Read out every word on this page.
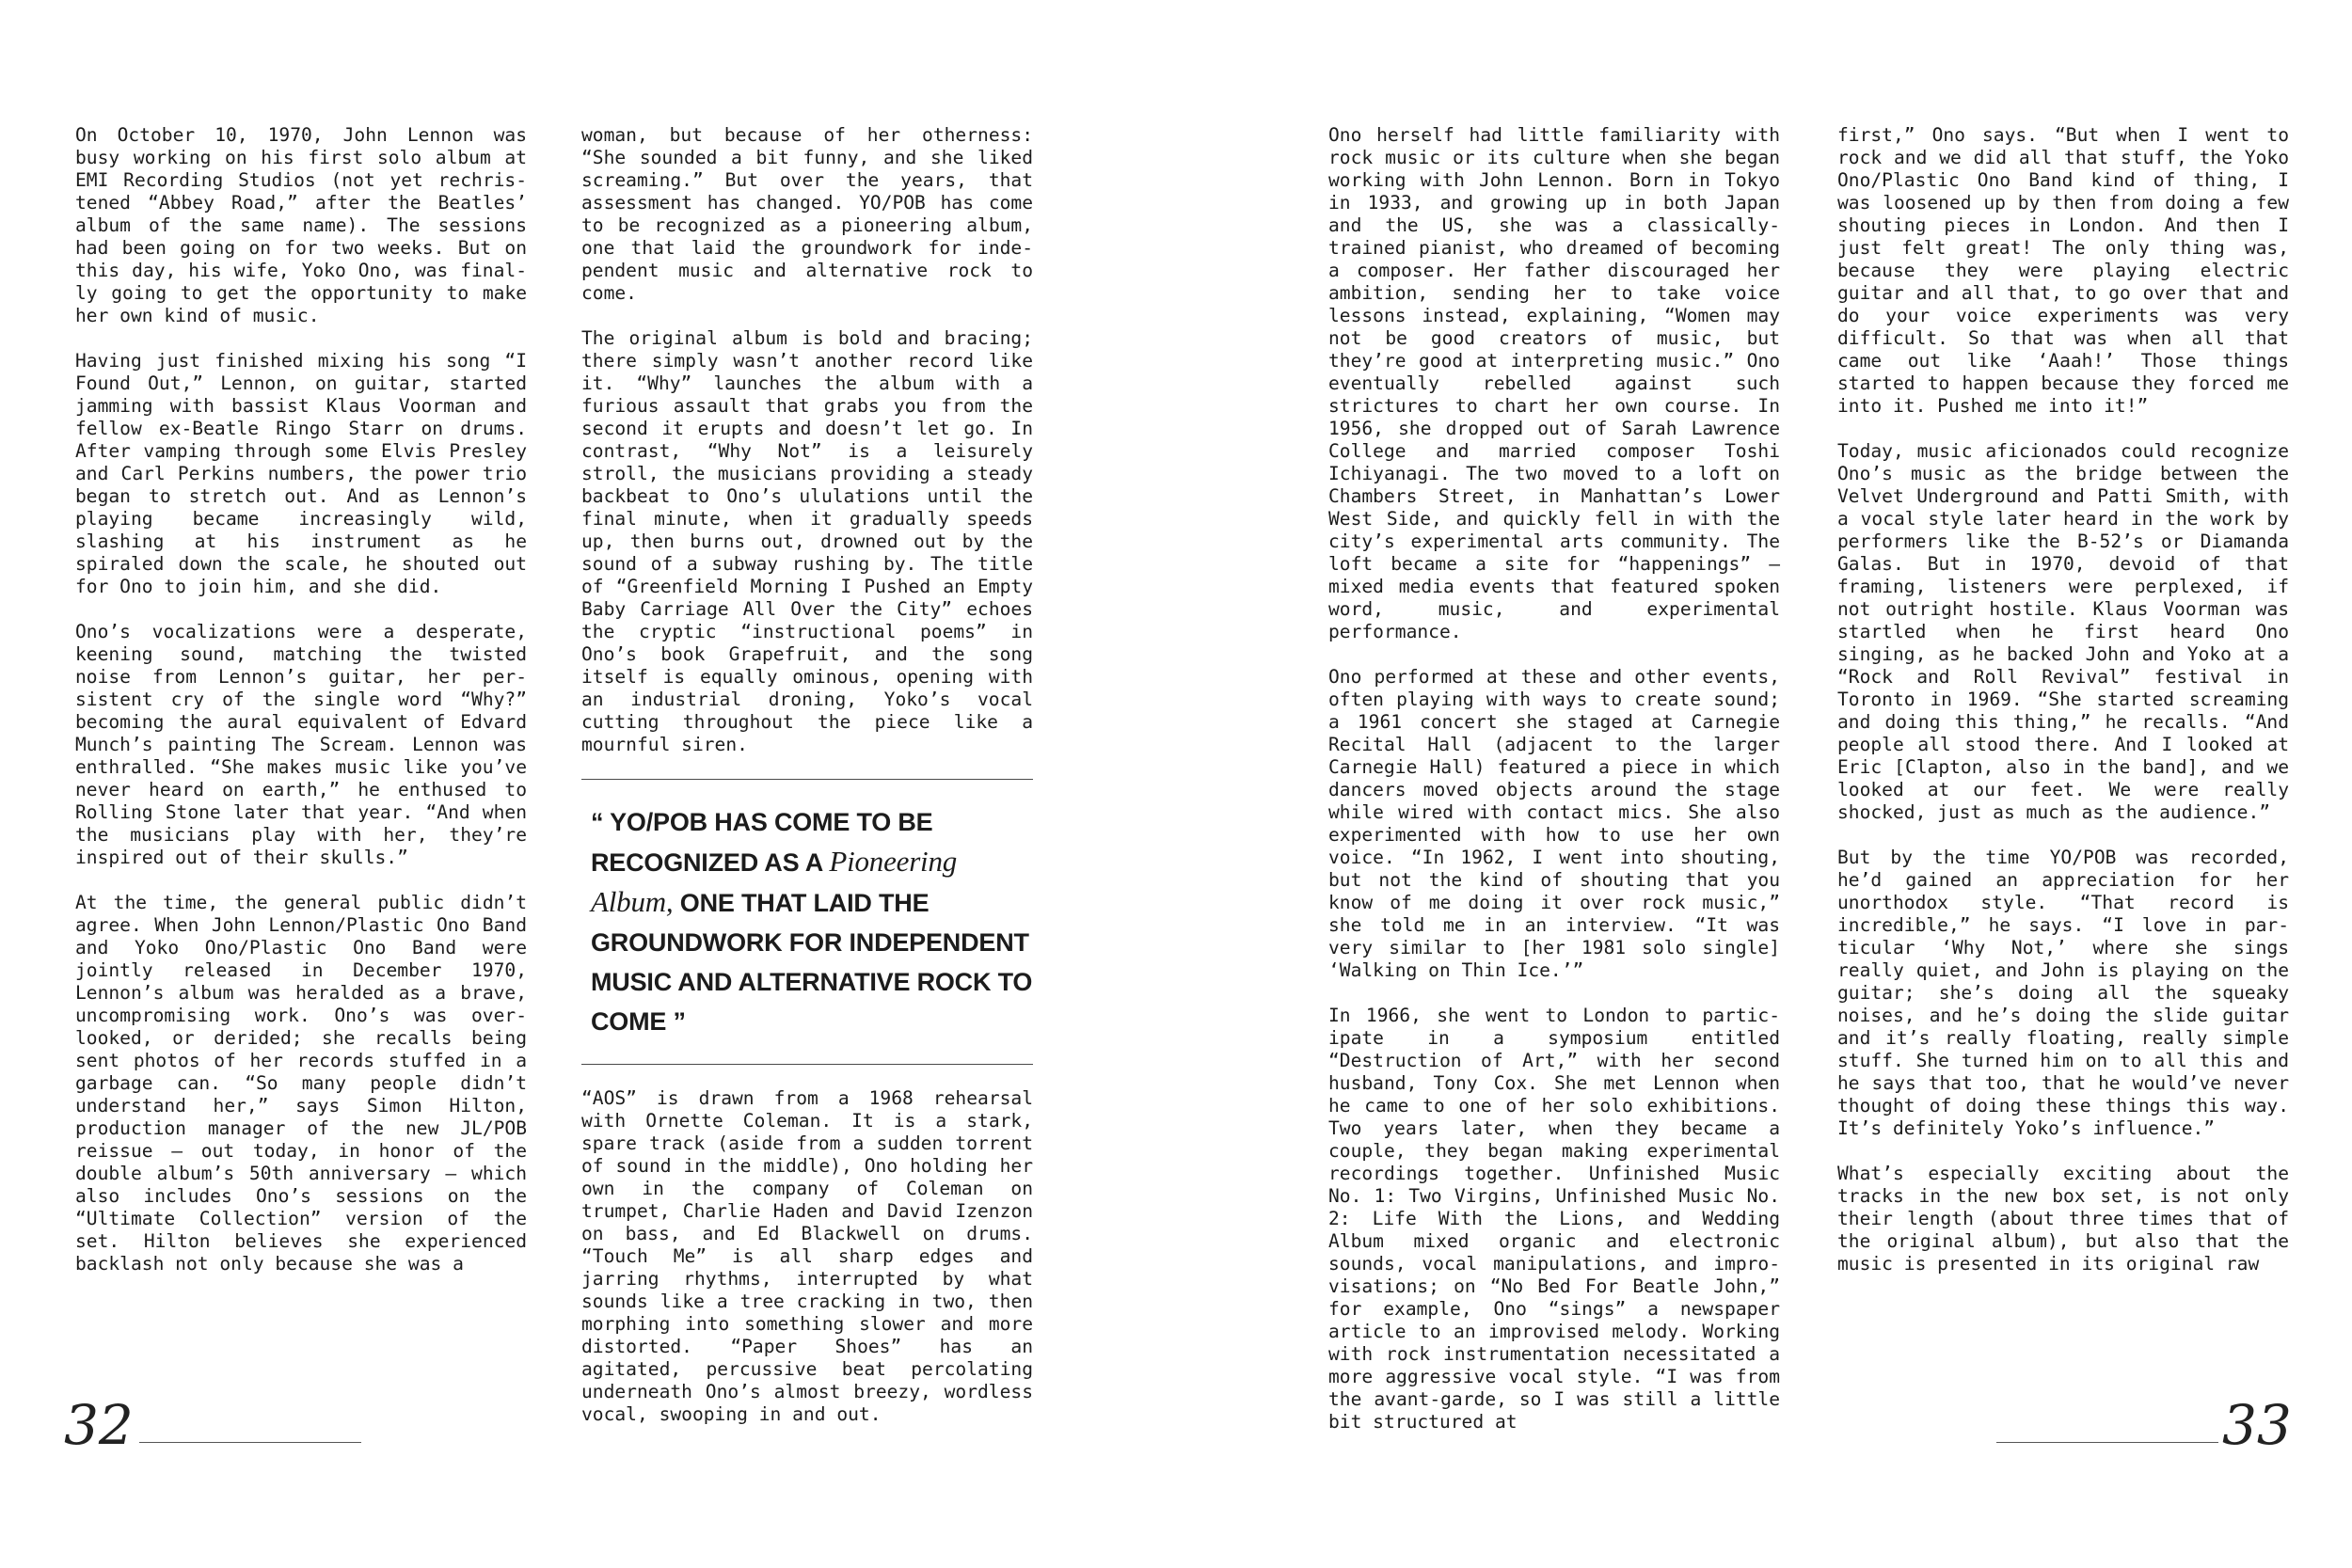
On October 10, 1970, John Lennon was busy working on his first solo album at EMI Recording Studios (not yet rechristened “Abbey Road,” after the Beatles’ album of the same name). The sessions had been going on for two weeks. But on this day, his wife, Yoko Ono, was finally going to get the opportunity to make her own kind of music.

Having just finished mixing his song “I Found Out,” Lennon, on guitar, started jamming with bassist Klaus Voorman and fellow ex-Beatle Ringo Starr on drums. After vamping through some Elvis Presley and Carl Perkins numbers, the power trio began to stretch out. And as Lennon’s playing became increasingly wild, slashing at his instrument as he spiraled down the scale, he shouted out for Ono to join him, and she did.

Ono’s vocalizations were a desperate, keening sound, matching the twisted noise from Lennon’s guitar, her persistent cry of the single word “Why?” becoming the aural equivalent of Edvard Munch’s painting The Scream. Lennon was enthralled. “She makes music like you’ve never heard on earth,” he enthused to Rolling Stone later that year. “And when the musicians play with her, they’re inspired out of their skulls.”

At the time, the general public didn’t agree. When John Lennon/Plastic Ono Band and Yoko Ono/Plastic Ono Band were jointly released in December 1970, Lennon’s album was heralded as a brave, uncompromising work. Ono’s was overlooked, or derided; she recalls being sent photos of her records stuffed in a garbage can. “So many people didn’t understand her,” says Simon Hilton, production manager of the new JL/POB reissue – out today, in honor of the double album’s 50th anniversary – which also includes Ono’s sessions on the “Ultimate Collection” version of the set. Hilton believes she experienced backlash not only because she was a

woman, but because of her otherness: “She sounded a bit funny, and she liked screaming.” But over the years, that assessment has changed. YO/POB has come to be recognized as a pioneering album, one that laid the groundwork for independent music and alternative rock to come.

The original album is bold and bracing; there simply wasn’t another record like it. “Why” launches the album with a furious assault that grabs you from the second it erupts and doesn’t let go. In contrast, “Why Not” is a leisurely stroll, the musicians providing a steady backbeat to Ono’s ululations until the final minute, when it gradually speeds up, then burns out, drowned out by the sound of a subway rushing by. The title of “Greenfield Morning I Pushed an Empty Baby Carriage All Over the City” echoes the cryptic “instructional poems” in Ono’s book Grapefruit, and the song itself is equally ominous, opening with an industrial droning, Yoko’s vocal cutting throughout the piece like a mournful siren.

“ YO/POB HAS COME TO BE RECOGNIZED AS A Pioneering Album, ONE THAT LAID THE GROUNDWORK FOR INDEPENDENT MUSIC AND ALTERNATIVE ROCK TO COME ”

“AOS” is drawn from a 1968 rehearsal with Ornette Coleman. It is a stark, spare track (aside from a sudden torrent of sound in the middle), Ono holding her own in the company of Coleman on trumpet, Charlie Haden and David Izenzon on bass, and Ed Blackwell on drums. “Touch Me” is all sharp edges and jarring rhythms, interrupted by what sounds like a tree cracking in two, then morphing into something slower and more distorted. “Paper Shoes” has an agitated, percussive beat percolating underneath Ono’s almost breezy, wordless vocal, swooping in and out.

32

Ono herself had little familiarity with rock music or its culture when she began working with John Lennon. Born in Tokyo in 1933, and growing up in both Japan and the US, she was a classically-trained pianist, who dreamed of becoming a composer. Her father discouraged her ambition, sending her to take voice lessons instead, explaining, “Women may not be good creators of music, but they’re good at interpreting music.” Ono eventually rebelled against such strictures to chart her own course. In 1956, she dropped out of Sarah Lawrence College and married composer Toshi Ichiyanagi. The two moved to a loft on Chambers Street, in Manhattan’s Lower West Side, and quickly fell in with the city’s experimental arts community. The loft became a site for “happenings” – mixed media events that featured spoken word, music, and experimental performance.

Ono performed at these and other events, often playing with ways to create sound; a 1961 concert she staged at Carnegie Recital Hall (adjacent to the larger Carnegie Hall) featured a piece in which dancers moved objects around the stage while wired with contact mics. She also experimented with how to use her own voice. “In 1962, I went into shouting, but not the kind of shouting that you know of me doing it over rock music,” she told me in an interview. “It was very similar to [her 1981 solo single] ‘Walking on Thin Ice.’”

In 1966, she went to London to participate in a symposium entitled “Destruction of Art,” with her second husband, Tony Cox. She met Lennon when he came to one of her solo exhibitions. Two years later, when they became a couple, they began making experimental recordings together. Unfinished Music No. 1: Two Virgins, Unfinished Music No. 2: Life With the Lions, and Wedding Album mixed organic and electronic sounds, vocal manipulations, and improvisations; on “No Bed For Beatle John,” for example, Ono “sings” a newspaper article to an improvised melody. Working with rock instrumentation necessitated a more aggressive vocal style. “I was from the avant-garde, so I was still a little bit structured at

first,” Ono says. “But when I went to rock and we did all that stuff, the Yoko Ono/Plastic Ono Band kind of thing, I was loosened up by then from doing a few shouting pieces in London. And then I just felt great! The only thing was, because they were playing electric guitar and all that, to go over that and do your voice experiments was very difficult. So that was when all that came out like ‘Aaah!’ Those things started to happen because they forced me into it. Pushed me into it!”

Today, music aficionados could recognize Ono’s music as the bridge between the Velvet Underground and Patti Smith, with a vocal style later heard in the work by performers like the B-52’s or Diamanda Galas. But in 1970, devoid of that framing, listeners were perplexed, if not outright hostile. Klaus Voorman was startled when he first heard Ono singing, as he backed John and Yoko at a “Rock and Roll Revival” festival in Toronto in 1969. “She started screaming and doing this thing,” he recalls. “And people all stood there. And I looked at Eric [Clapton, also in the band], and we looked at our feet. We were really shocked, just as much as the audience.”

But by the time YO/POB was recorded, he’d gained an appreciation for her unorthodox style. “That record is incredible,” he says. “I love in particular ‘Why Not,’ where she sings really quiet, and John is playing on the guitar; she’s doing all the squeaky noises, and he’s doing the slide guitar and it’s really floating, really simple stuff. She turned him on to all this and he says that too, that he would’ve never thought of doing these things this way. It’s definitely Yoko’s influence.”

What’s especially exciting about the tracks in the new box set, is not only their length (about three times that of the original album), but also that the music is presented in its original raw

33
